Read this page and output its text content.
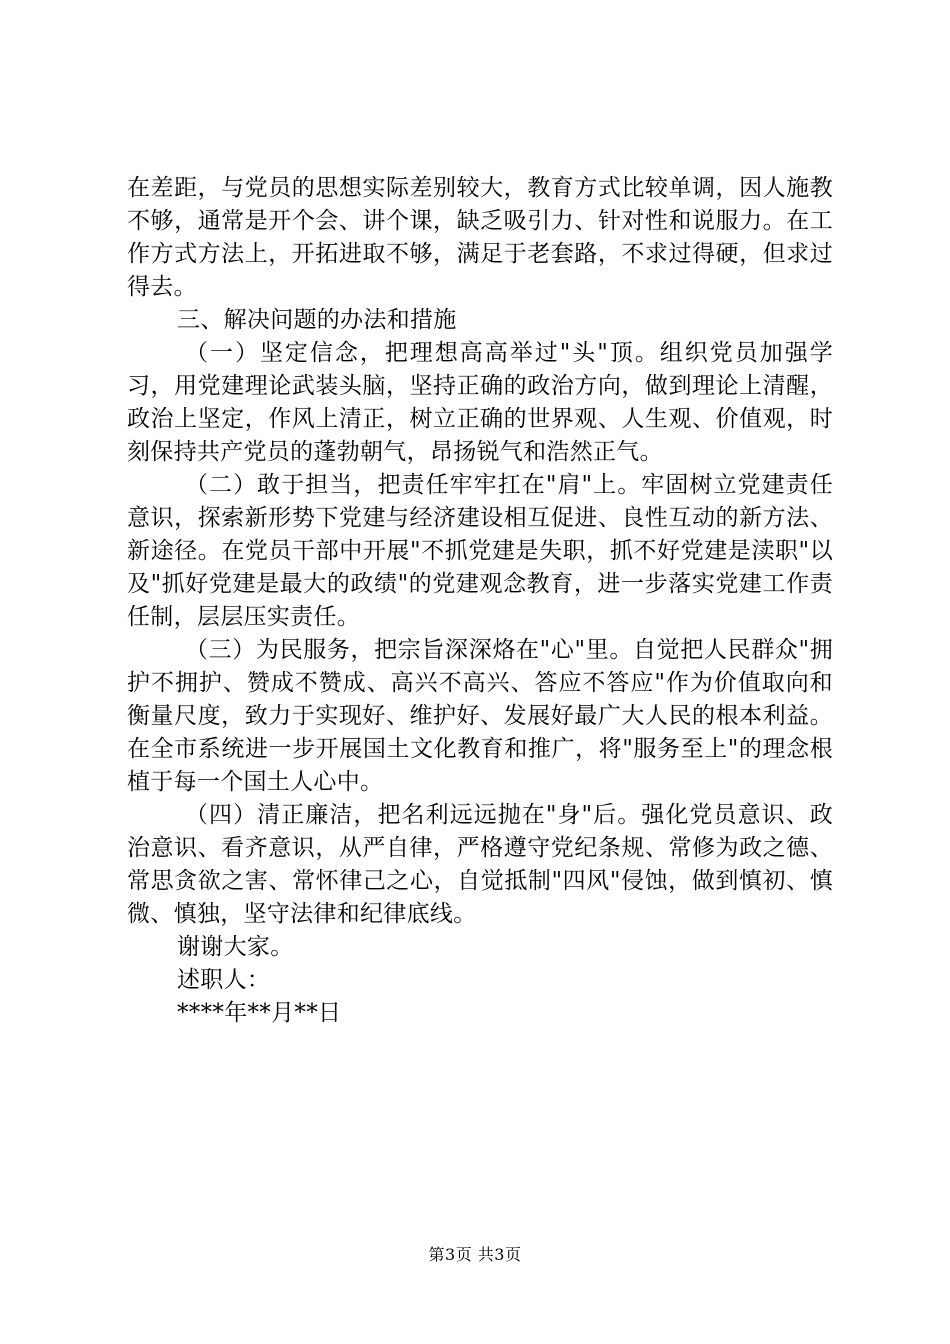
在差距，与党员的思想实际差别较大，教育方式比较单调，因人施教不够，通常是开个会、讲个课，缺乏吸引力、针对性和说服力。在工作方式方法上，开拓进取不够，满足于老套路，不求过得硬，但求过得去。

三、解决问题的办法和措施

（一）坚定信念，把理想高高举过"头"顶。组织党员加强学习，用党建理论武装头脑，坚持正确的政治方向，做到理论上清醒，政治上坚定，作风上清正，树立正确的世界观、人生观、价值观，时刻保持共产党员的蓬勃朝气，昂扬锐气和浩然正气。

（二）敢于担当，把责任牢牢扛在"肩"上。牢固树立党建责任意识，探索新形势下党建与经济建设相互促进、良性互动的新方法、新途径。在党员干部中开展"不抓党建是失职，抓不好党建是渎职"以及"抓好党建是最大的政绩"的党建观念教育，进一步落实党建工作责任制，层层压实责任。

（三）为民服务，把宗旨深深烙在"心"里。自觉把人民群众"拥护不拥护、赞成不赞成、高兴不高兴、答应不答应"作为价值取向和衡量尺度，致力于实现好、维护好、发展好最广大人民的根本利益。在全市系统进一步开展国土文化教育和推广，将"服务至上"的理念根植于每一个国土人心中。

（四）清正廉洁，把名利远远抛在"身"后。强化党员意识、政治意识、看齐意识，从严自律，严格遵守党纪条规、常修为政之德、常思贪欲之害、常怀律己之心，自觉抵制"四风"侵蚀，做到慎初、慎微、慎独，坚守法律和纪律底线。

谢谢大家。

述职人：

****年**月**日

第3页 共3页
